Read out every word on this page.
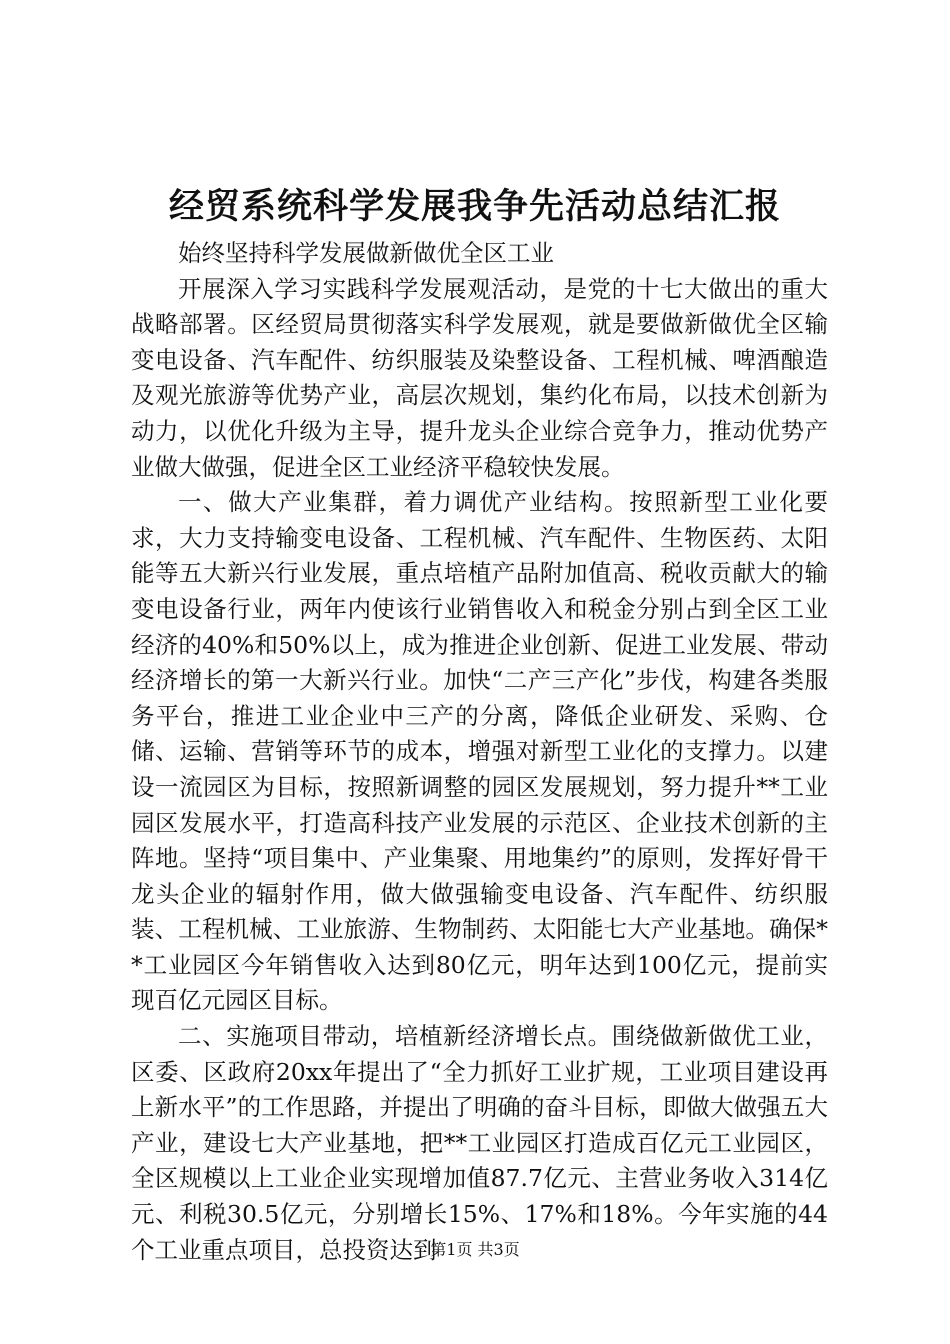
经贸系统科学发展我争先活动总结汇报

始终坚持科学发展做新做优全区工业

开展深入学习实践科学发展观活动，是党的十七大做出的重大战略部署。区经贸局贯彻落实科学发展观，就是要做新做优全区输变电设备、汽车配件、纺织服装及染整设备、工程机械、啤酒酿造及观光旅游等优势产业，高层次规划，集约化布局，以技术创新为动力，以优化升级为主导，提升龙头企业综合竞争力，推动优势产业做大做强，促进全区工业经济平稳较快发展。

一、做大产业集群，着力调优产业结构。按照新型工业化要求，大力支持输变电设备、工程机械、汽车配件、生物医药、太阳能等五大新兴行业发展，重点培植产品附加值高、税收贡献大的输变电设备行业，两年内使该行业销售收入和税金分别占到全区工业经济的40%和50%以上，成为推进企业创新、促进工业发展、带动经济增长的第一大新兴行业。加快“二产三产化”步伐，构建各类服务平台，推进工业企业中三产的分离，降低企业研发、采购、仓储、运输、营销等环节的成本，增强对新型工业化的支撑力。以建设一流园区为目标，按照新调整的园区发展规划，努力提升**工业园区发展水平，打造高科技产业发展的示范区、企业技术创新的主阵地。坚持“项目集中、产业集聚、用地集约”的原则，发挥好骨干龙头企业的辐射作用，做大做强输变电设备、汽车配件、纺织服装、工程机械、工业旅游、生物制药、太阳能七大产业基地。确保**工业园区今年销售收入达到80亿元，明年达到100亿元，提前实现百亿元园区目标。

二、实施项目带动，培植新经济增长点。围绕做新做优工业，区委、区政府20xx年提出了“全力抓好工业扩规，工业项目建设再上新水平”的工作思路，并提出了明确的奋斗目标，即做大做强五大产业，建设七大产业基地，把**工业园区打造成百亿元工业园区，全区规模以上工业企业实现增加值87.7亿元、主营业务收入314亿元、利税30.5亿元，分别增长15%、17%和18%。今年实施的44个工业重点项目，总投资达到

第1页 共3页
